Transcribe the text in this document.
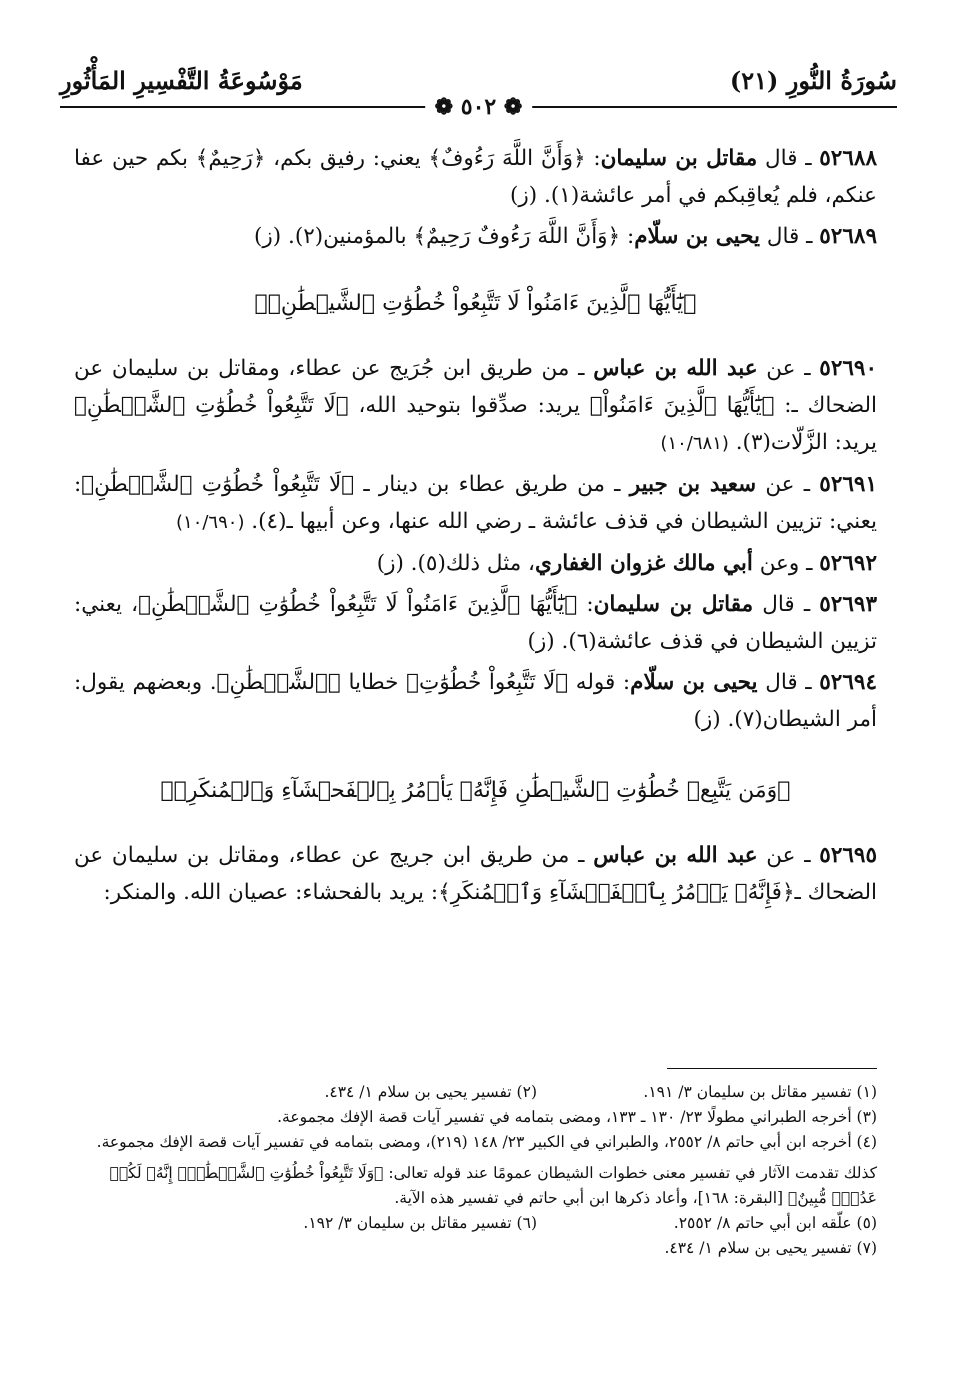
سُورَةُ النُّورِ (٢١)
مَوْسُوعَةُ التَّفْسِيرِ المَأْثُورِ
❁ ٥٠٢ ❁

٥٢٦٨٨ ـ قال مقاتل بن سليمان: ﴿وَأَنَّ اللَّهَ رَءُوفٌ﴾ يعني: رفيق بكم، ﴿رَحِيمٌ﴾ بكم حين عفا عنكم، فلم يُعاقِبكم في أمر عائشة(١). (ز)

٥٢٦٨٩ ـ قال يحيى بن سلّام: ﴿وَأَنَّ اللَّهَ رَءُوفٌ رَحِيمٌ﴾ بالمؤمنين(٢). (ز)

﴿يَٰٓأَيُّهَا ٱلَّذِينَ ءَامَنُواْ لَا تَتَّبِعُواْ خُطُوَٰتِ ٱلشَّيۡطَٰنِۚ﴾

٥٢٦٩٠ ـ عن عبد الله بن عباس ـ من طريق ابن جُرَيج عن عطاء، ومقاتل بن سليمان عن الضحاك ـ: ﴿يَٰٓأَيُّهَا ٱلَّذِينَ ءَامَنُواْ﴾ يريد: صدِّقوا بتوحيد الله، ﴿لَا تَتَّبِعُواْ خُطُوَٰتِ ٱلشَّيۡطَٰنِ﴾ يريد: الزَّلّات(٣). (١٠/٦٨١)

٥٢٦٩١ ـ عن سعيد بن جبير ـ من طريق عطاء بن دينار ـ ﴿لَا تَتَّبِعُواْ خُطُوَٰتِ ٱلشَّيۡطَٰنِ﴾: يعني: تزيين الشيطان في قذف عائشة ـ رضي الله عنها، وعن أبيها ـ(٤). (١٠/٦٩٠)

٥٢٦٩٢ ـ وعن أبي مالك غزوان الغفاري، مثل ذلك(٥). (ز)

٥٢٦٩٣ ـ قال مقاتل بن سليمان: ﴿يَٰٓأَيُّهَا ٱلَّذِينَ ءَامَنُواْ لَا تَتَّبِعُواْ خُطُوَٰتِ ٱلشَّيۡطَٰنِ﴾، يعني: تزيين الشيطان في قذف عائشة(٦). (ز)

٥٢٦٩٤ ـ قال يحيى بن سلّام: قوله ﴿لَا تَتَّبِعُواْ خُطُوَٰتِ﴾ خطايا ﴿ٱلشَّيۡطَٰنِ﴾. وبعضهم يقول: أمر الشيطان(٧). (ز)

﴿وَمَن يَتَّبِعۡ خُطُوَٰتِ ٱلشَّيۡطَٰنِ فَإِنَّهُۥ يَأۡمُرُ بِٱلۡفَحۡشَآءِ وَٱلۡمُنكَرِۚ﴾

٥٢٦٩٥ ـ عن عبد الله بن عباس ـ من طريق ابن جريج عن عطاء، ومقاتل بن سليمان عن الضحاك ـ﴿فَإِنَّهُۥ يَأۡمُرُ بِٱلۡفَحۡشَآءِ وَٱلۡمُنكَرِ﴾: يريد بالفحشاء: عصيان الله. والمنكر:

(١) تفسير مقاتل بن سليمان ٣/ ١٩١.
(٢) تفسير يحيى بن سلام ١/ ٤٣٤.

(٣) أخرجه الطبراني مطولًا ٢٣/ ١٣٠ ـ ١٣٣، ومضى بتمامه في تفسير آيات قصة الإفك مجموعة.

(٤) أخرجه ابن أبي حاتم ٨/ ٢٥٥٢، والطبراني في الكبير ٢٣/ ١٤٨ (٢١٩)، ومضى بتمامه في تفسير آيات قصة الإفك مجموعة.

كذلك تقدمت الآثار في تفسير معنى خطوات الشيطان عمومًا عند قوله تعالى: ﴿وَلَا تَتَّبِعُواْ خُطُوَٰتِ ٱلشَّيۡطَٰنِۚ إِنَّهُۥ لَكُمۡ عَدُوّٞ مُّبِينٌ﴾ [البقرة: ١٦٨]، وأعاد ذكرها ابن أبي حاتم في تفسير هذه الآية.

(٥) علّقه ابن أبي حاتم ٨/ ٢٥٥٢.
(٦) تفسير مقاتل بن سليمان ٣/ ١٩٢.

(٧) تفسير يحيى بن سلام ١/ ٤٣٤.
